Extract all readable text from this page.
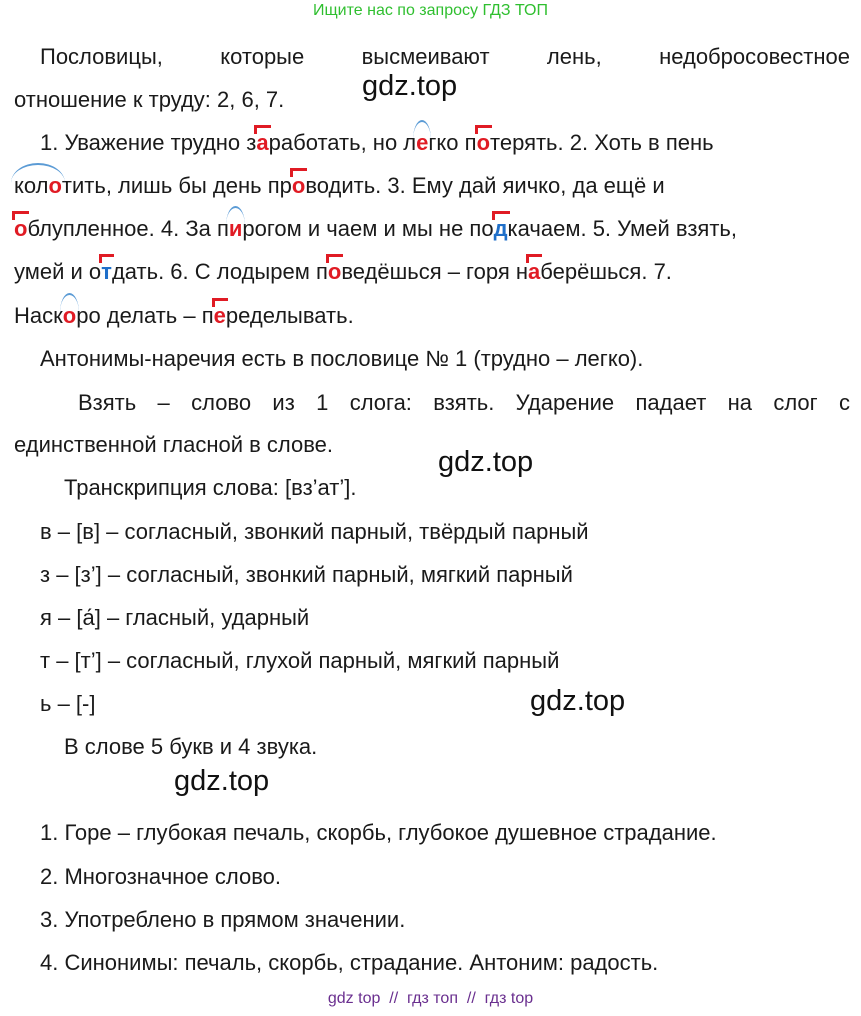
Ищите нас по запросу ГДЗ ТОП
Пословицы,	которые	высмеивают	лень,	недобросовестное
отношение к труду: 2, 6, 7.	gdz.top
1. Уважение трудно заработать, но легко потерять. 2. Хоть в пень
колотить, лишь бы день проводить. 3. Ему дай яичко, да ещё и
облупленное. 4. За пирогом и чаем и мы не подкачаем. 5. Умей взять,
умей и отдать. 6. С лодырем поведёшься – горя наберёшься. 7.
Наскоро делать – переделывать.
Антонимы-наречия есть в пословице № 1 (трудно – легко).
Взять – слово из 1 слога: взять. Ударение падает на слог с
единственной гласной в слове.
gdz.top
Транскрипция слова: [вз’ат’].
в – [в] – согласный, звонкий парный, твёрдый парный
з – [з’] – согласный, звонкий парный, мягкий парный
я – [а́] – гласный, ударный
т – [т’] – согласный, глухой парный, мягкий парный
ь – [-]	gdz.top
В слове 5 букв и 4 звука.
gdz.top
1. Горе – глубокая печаль, скорбь, глубокое душевное страдание.
2. Многозначное слово.
3. Употреблено в прямом значении.
4. Синонимы: печаль, скорбь, страдание. Антоним: радость.
gdz top  //  гдз топ  //  гдз top
